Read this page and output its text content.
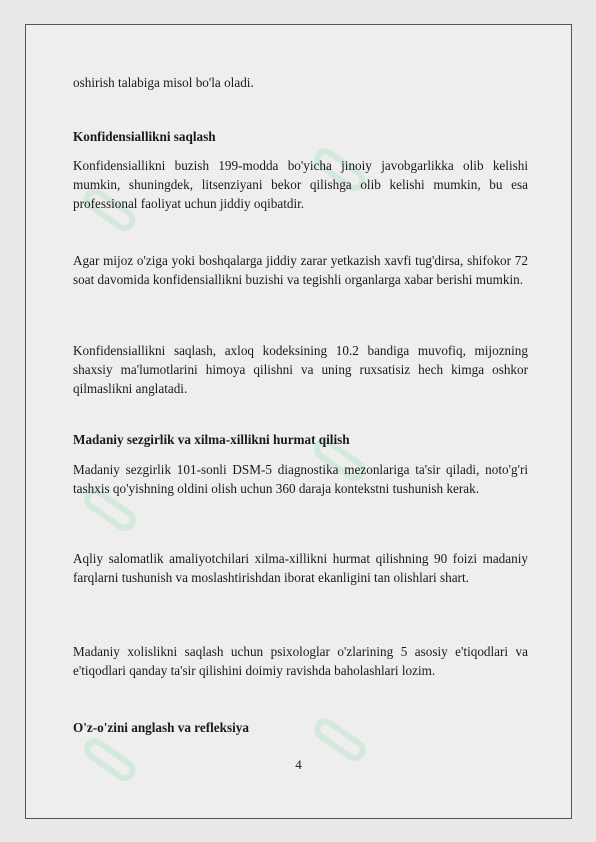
oshirish talabiga misol bo'la oladi.
Konfidensiallikni saqlash
Konfidensiallikni buzish 199-modda bo'yicha jinoiy javobgarlikka olib kelishi mumkin, shuningdek, litsenziyani bekor qilishga olib kelishi mumkin, bu esa professional faoliyat uchun jiddiy oqibatdir.
Agar mijoz o'ziga yoki boshqalarga jiddiy zarar yetkazish xavfi tug'dirsa, shifokor 72 soat davomida konfidensiallikni buzishi va tegishli organlarga xabar berishi mumkin.
Konfidensiallikni saqlash, axloq kodeksining 10.2 bandiga muvofiq, mijozning shaxsiy ma'lumotlarini himoya qilishni va uning ruxsatisiz hech kimga oshkor qilmaslikni anglatadi.
Madaniy sezgirlik va xilma-xillikni hurmat qilish
Madaniy sezgirlik 101-sonli DSM-5 diagnostika mezonlariga ta'sir qiladi, noto'g'ri tashxis qo'yishning oldini olish uchun 360 daraja kontekstni tushunish kerak.
Aqliy salomatlik amaliyotchilari xilma-xillikni hurmat qilishning 90 foizi madaniy farqlarni tushunish va moslashtirishdan iborat ekanligini tan olishlari shart.
Madaniy xolislikni saqlash uchun psixologlar o'zlarining 5 asosiy e'tiqodlari va e'tiqodlari qanday ta'sir qilishini doimiy ravishda baholashlari lozim.
O'z-o'zini anglash va refleksiya
4
